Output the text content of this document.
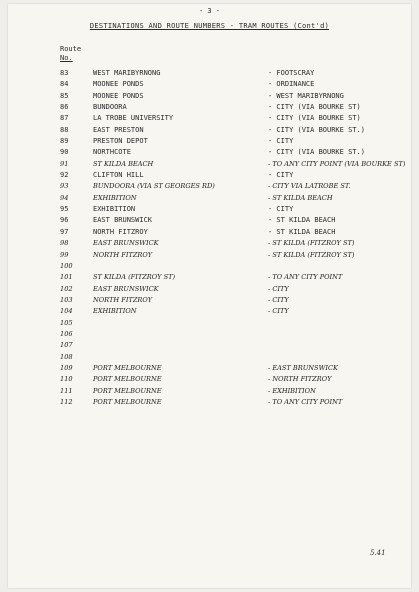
- 3 -
DESTINATIONS AND ROUTE NUMBERS - TRAM ROUTES (Cont'd)
Route
No.
83	WEST MARIBYRNONG	- FOOTSCRAY
84	MOONEE PONDS	- ORDINANCE
85	MOONEE PONDS	- WEST MARIBYRNONG
86	BUNDOORA	- CITY (VIA BOURKE ST)
87	LA TROBE UNIVERSITY	- CITY (VIA BOURKE ST)
88	EAST PRESTON	- CITY (VIA BOURKE ST.)
89	PRESTON DEPOT	- CITY
90	NORTHCOTE	- CITY (VIA BOURKE ST.)
91	ST KILDA BEACH	- TO ANY CITY POINT (VIA BOURKE ST)
92	CLIFTON HILL	- CITY
93	BUNDOORA (VIA ST GEORGES RD)	- CITY VIA LATROBE ST.
94	EXHIBITION	- ST KILDA BEACH
95	EXHIBITION	- CITY
96	EAST BRUNSWICK	- ST KILDA BEACH
97	NORTH FITZROY	- ST KILDA BEACH
98	EAST BRUNSWICK	- ST KILDA (FITZROY ST)
99	NORTH FITZROY	- ST KILDA (FITZROY ST)
100
101	ST KILDA (FITZROY ST)	- TO ANY CITY POINT
102	EAST BRUNSWICK	- CITY
103	NORTH FITZROY	- CITY
104	EXHIBITION	- CITY
105
106
107
108
109	PORT MELBOURNE	- EAST BRUNSWICK
110	PORT MELBOURNE	- NORTH FITZROY
111	PORT MELBOURNE	- EXHIBITION
112	PORT MELBOURNE	- TO ANY CITY POINT
5.41
